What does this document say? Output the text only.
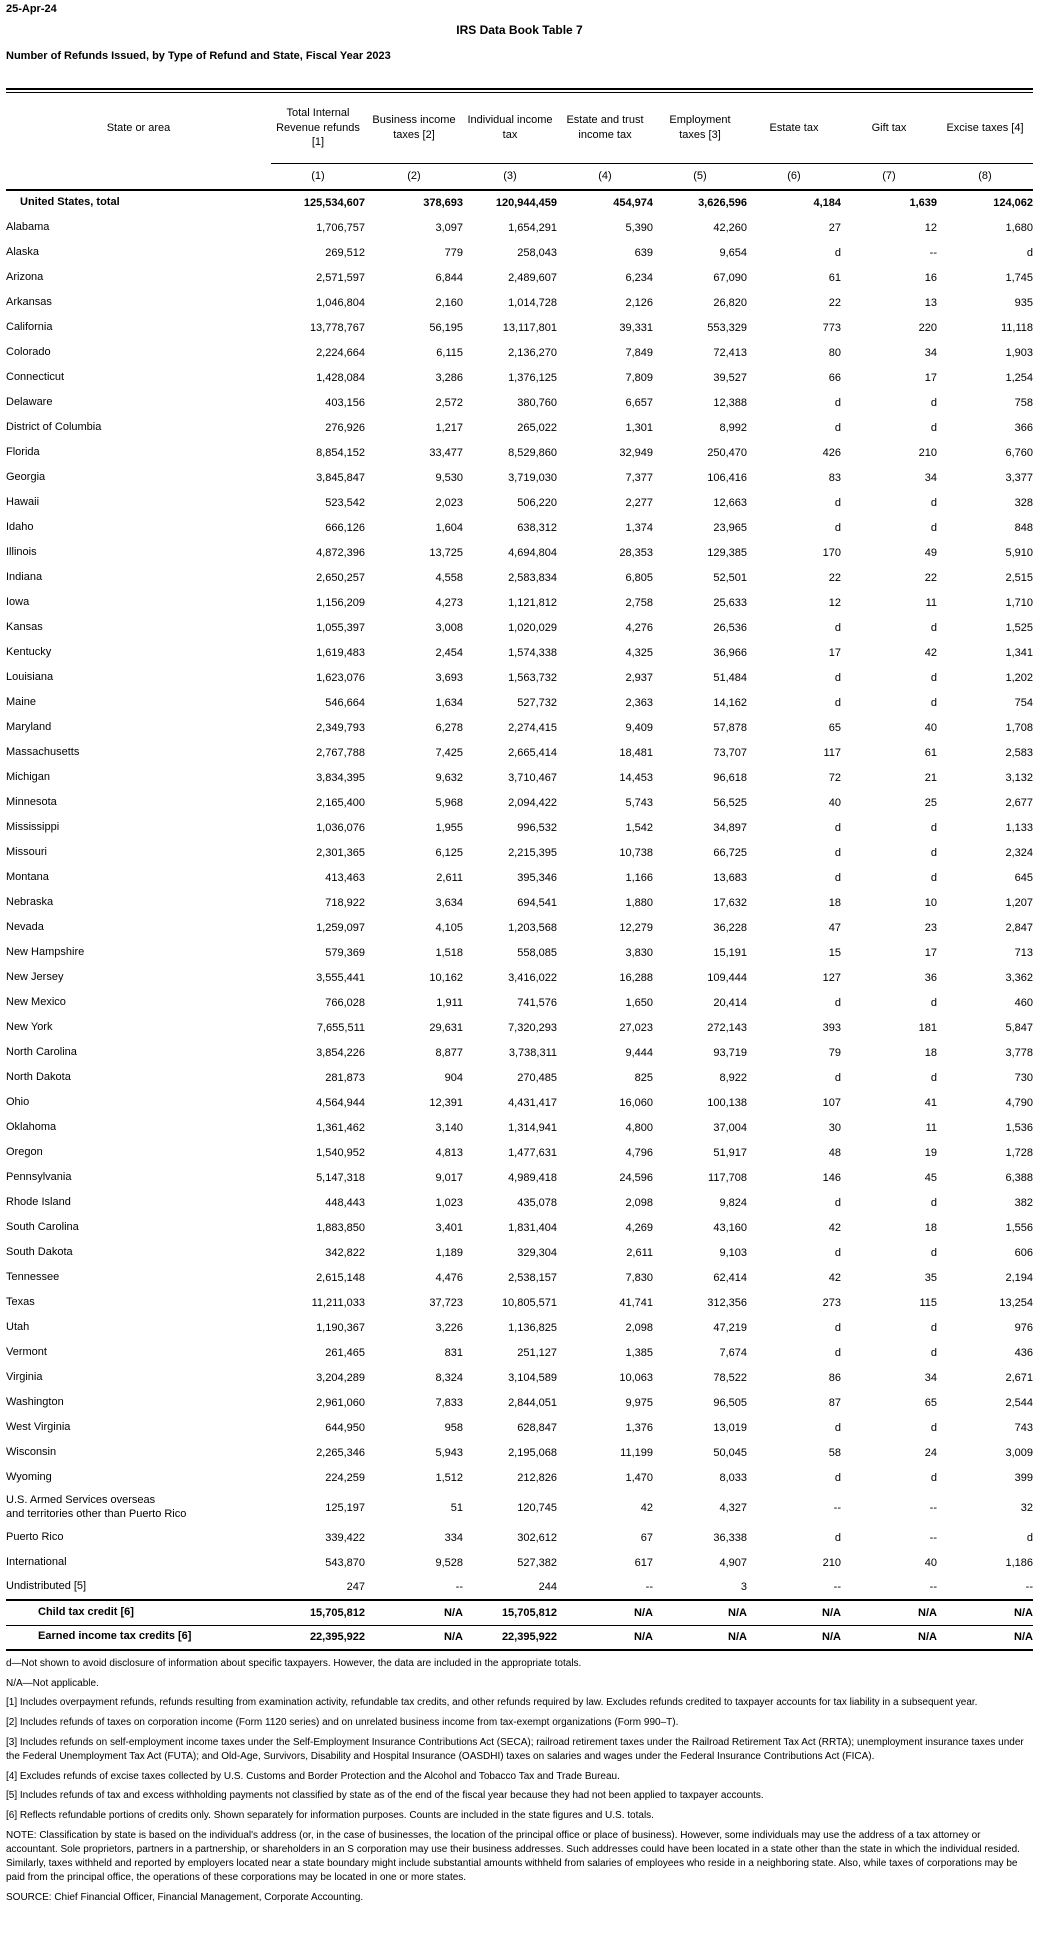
25-Apr-24
IRS Data Book Table 7
Number of Refunds Issued, by Type of Refund and State, Fiscal Year 2023
State or area	Total Internal Revenue refunds [1]	Business income taxes [2]	Individual income tax	Estate and trust income tax	Employment taxes [3]	Estate tax	Gift tax	Excise taxes [4]
	(1)	(2)	(3)	(4)	(5)	(6)	(7)	(8)
United States, total	125,534,607	378,693	120,944,459	454,974	3,626,596	4,184	1,639	124,062
Alabama	1,706,757	3,097	1,654,291	5,390	42,260	27	12	1,680
Alaska	269,512	779	258,043	639	9,654	d	--	d
Arizona	2,571,597	6,844	2,489,607	6,234	67,090	61	16	1,745
Arkansas	1,046,804	2,160	1,014,728	2,126	26,820	22	13	935
California	13,778,767	56,195	13,117,801	39,331	553,329	773	220	11,118
Colorado	2,224,664	6,115	2,136,270	7,849	72,413	80	34	1,903
Connecticut	1,428,084	3,286	1,376,125	7,809	39,527	66	17	1,254
Delaware	403,156	2,572	380,760	6,657	12,388	d	d	758
District of Columbia	276,926	1,217	265,022	1,301	8,992	d	d	366
Florida	8,854,152	33,477	8,529,860	32,949	250,470	426	210	6,760
Georgia	3,845,847	9,530	3,719,030	7,377	106,416	83	34	3,377
Hawaii	523,542	2,023	506,220	2,277	12,663	d	d	328
Idaho	666,126	1,604	638,312	1,374	23,965	d	d	848
Illinois	4,872,396	13,725	4,694,804	28,353	129,385	170	49	5,910
Indiana	2,650,257	4,558	2,583,834	6,805	52,501	22	22	2,515
Iowa	1,156,209	4,273	1,121,812	2,758	25,633	12	11	1,710
Kansas	1,055,397	3,008	1,020,029	4,276	26,536	d	d	1,525
Kentucky	1,619,483	2,454	1,574,338	4,325	36,966	17	42	1,341
Louisiana	1,623,076	3,693	1,563,732	2,937	51,484	d	d	1,202
Maine	546,664	1,634	527,732	2,363	14,162	d	d	754
Maryland	2,349,793	6,278	2,274,415	9,409	57,878	65	40	1,708
Massachusetts	2,767,788	7,425	2,665,414	18,481	73,707	117	61	2,583
Michigan	3,834,395	9,632	3,710,467	14,453	96,618	72	21	3,132
Minnesota	2,165,400	5,968	2,094,422	5,743	56,525	40	25	2,677
Mississippi	1,036,076	1,955	996,532	1,542	34,897	d	d	1,133
Missouri	2,301,365	6,125	2,215,395	10,738	66,725	d	d	2,324
Montana	413,463	2,611	395,346	1,166	13,683	d	d	645
Nebraska	718,922	3,634	694,541	1,880	17,632	18	10	1,207
Nevada	1,259,097	4,105	1,203,568	12,279	36,228	47	23	2,847
New Hampshire	579,369	1,518	558,085	3,830	15,191	15	17	713
New Jersey	3,555,441	10,162	3,416,022	16,288	109,444	127	36	3,362
New Mexico	766,028	1,911	741,576	1,650	20,414	d	d	460
New York	7,655,511	29,631	7,320,293	27,023	272,143	393	181	5,847
North Carolina	3,854,226	8,877	3,738,311	9,444	93,719	79	18	3,778
North Dakota	281,873	904	270,485	825	8,922	d	d	730
Ohio	4,564,944	12,391	4,431,417	16,060	100,138	107	41	4,790
Oklahoma	1,361,462	3,140	1,314,941	4,800	37,004	30	11	1,536
Oregon	1,540,952	4,813	1,477,631	4,796	51,917	48	19	1,728
Pennsylvania	5,147,318	9,017	4,989,418	24,596	117,708	146	45	6,388
Rhode Island	448,443	1,023	435,078	2,098	9,824	d	d	382
South Carolina	1,883,850	3,401	1,831,404	4,269	43,160	42	18	1,556
South Dakota	342,822	1,189	329,304	2,611	9,103	d	d	606
Tennessee	2,615,148	4,476	2,538,157	7,830	62,414	42	35	2,194
Texas	11,211,033	37,723	10,805,571	41,741	312,356	273	115	13,254
Utah	1,190,367	3,226	1,136,825	2,098	47,219	d	d	976
Vermont	261,465	831	251,127	1,385	7,674	d	d	436
Virginia	3,204,289	8,324	3,104,589	10,063	78,522	86	34	2,671
Washington	2,961,060	7,833	2,844,051	9,975	96,505	87	65	2,544
West Virginia	644,950	958	628,847	1,376	13,019	d	d	743
Wisconsin	2,265,346	5,943	2,195,068	11,199	50,045	58	24	3,009
Wyoming	224,259	1,512	212,826	1,470	8,033	d	d	399

U.S. Armed Services overseas
and territories other than Puerto Rico	125,197	51	120,745	42	4,327	--	--	32
Puerto Rico	339,422	334	302,612	67	36,338	d	--	d
International	543,870	9,528	527,382	617	4,907	210	40	1,186
Undistributed [5]	247	--	244	--	3	--	--	--
Child tax credit [6]	15,705,812	N/A	15,705,812	N/A	N/A	N/A	N/A	N/A
Earned income tax credits [6]	22,395,922	N/A	22,395,922	N/A	N/A	N/A	N/A	N/A

d—Not shown to avoid disclosure of information about specific taxpayers. However, the data are included in the appropriate totals.

N/A—Not applicable.

[1] Includes overpayment refunds, refunds resulting from examination activity, refundable tax credits, and other refunds required by law. Excludes refunds credited to taxpayer accounts for tax liability in a subsequent year.

[2] Includes refunds of taxes on corporation income (Form 1120 series) and on unrelated business income from tax-exempt organizations (Form 990–T).

[3] Includes refunds on self-employment income taxes under the Self-Employment Insurance Contributions Act (SECA); railroad retirement taxes under the Railroad Retirement Tax Act (RRTA); unemployment insurance taxes under the Federal Unemployment Tax Act (FUTA); and Old-Age, Survivors, Disability and Hospital Insurance (OASDHI) taxes on salaries and wages under the Federal Insurance Contributions Act (FICA).

[4] Excludes refunds of excise taxes collected by U.S. Customs and Border Protection and the Alcohol and Tobacco Tax and Trade Bureau.

[5] Includes refunds of tax and excess withholding payments not classified by state as of the end of the fiscal year because they had not been applied to taxpayer accounts.

[6] Reflects refundable portions of credits only. Shown separately for information purposes. Counts are included in the state figures and U.S. totals.

NOTE: Classification by state is based on the individual's address (or, in the case of businesses, the location of the principal office or place of business). However, some individuals may use the address of a tax attorney or accountant. Sole proprietors, partners in a partnership, or shareholders in an S corporation may use their business addresses. Such addresses could have been located in a state other than the state in which the individual resided. Similarly, taxes withheld and reported by employers located near a state boundary might include substantial amounts withheld from salaries of employees who reside in a neighboring state. Also, while taxes of corporations may be paid from the principal office, the operations of these corporations may be located in one or more states.

SOURCE: Chief Financial Officer, Financial Management, Corporate Accounting.
